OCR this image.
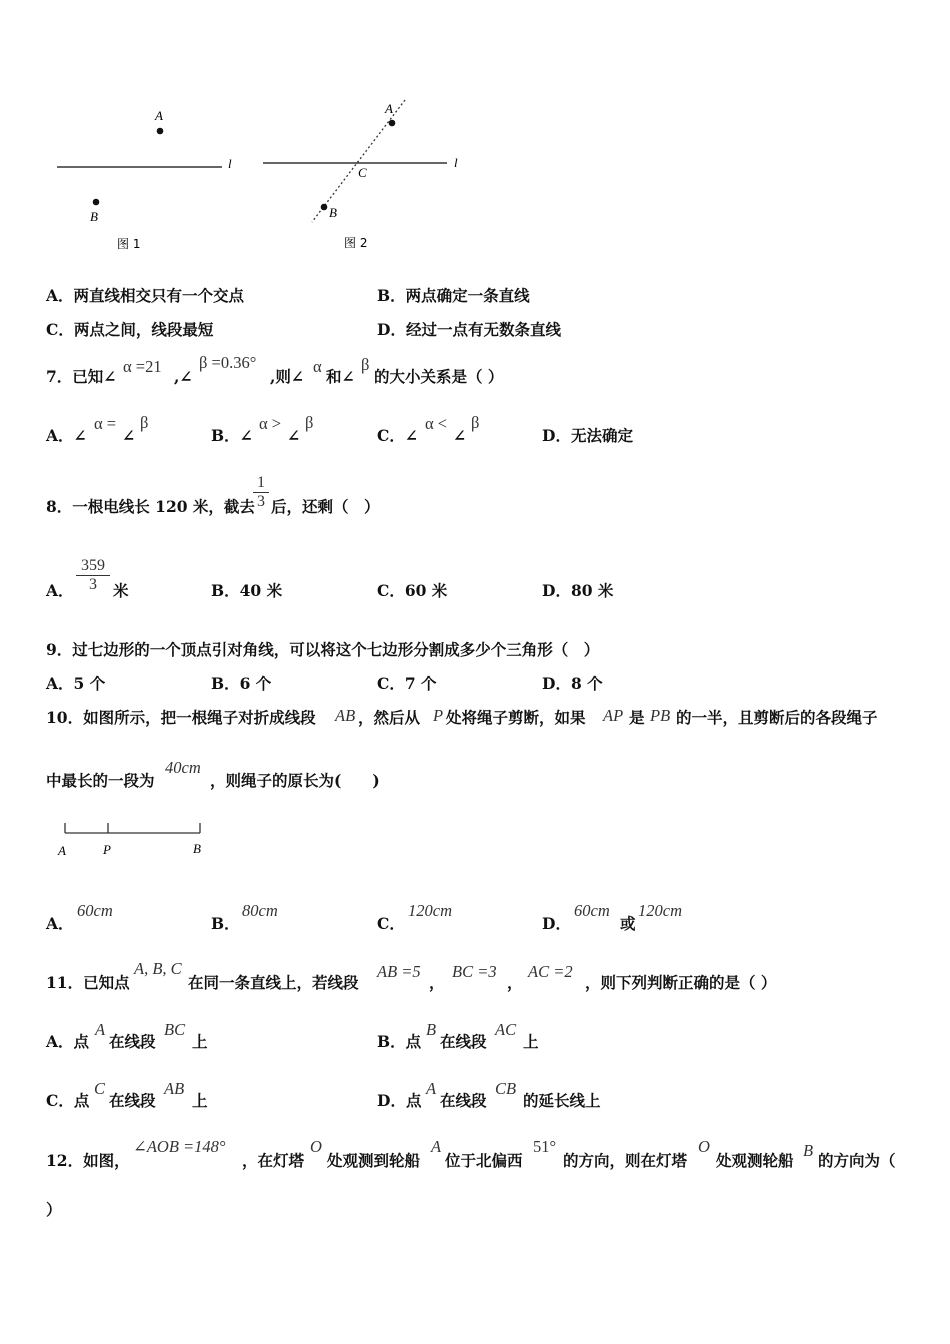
A
B
l
图 1
A
B
C
l
图 2
A．两直线相交只有一个交点	B．两点确定一条直线
C．两点之间，线段最短	D．经过一点有无数条直线
7．已知∠
α =21
,∠
β =0.36°
,则∠
α
和∠
β
的大小关系是（ ）
A．∠
α =
∠
β
B．∠
α >
∠
β
C．∠
α <
∠
β
D．无法确定
8．一根电线长 120 米，截去
$\frac{1}{3}$ 后，还剩（　）
A． $\frac{359}{3}$ 米	B．40 米	C．60 米	D．80 米
9．过七边形的一个顶点引对角线，可以将这个七边形分割成多少个三角形（　）
A．5 个	B．6 个	C．7 个	D．8 个
10．如图所示，把一根绳子对折成线段 AB ，然后从 P 处将绳子剪断，如果 AP 是 PB 的一半，且剪断后的各段绳子
中最长的一段为
40cm
，则绳子的原长为(　　)
A	P	B
A．
60cm
B．
80cm
C．
120cm
D．
60cm
或
120cm
11．已知点
A, B, C
在同一条直线上，若线段
AB =5
，
BC =3
，
AC =2
，则下列判断正确的是（ ）
A．点
A
在线段
BC
上	B．点
B
在线段
AC
上
C．点
C
在线段
AB
上	D．点
A
在线段
CB
的延长线上
12．如图，
∠AOB =148°
，在灯塔
O
处观测到轮船
A
位于北偏西
51°
的方向，则在灯塔
O
处观测轮船
B
的方向为（
）
